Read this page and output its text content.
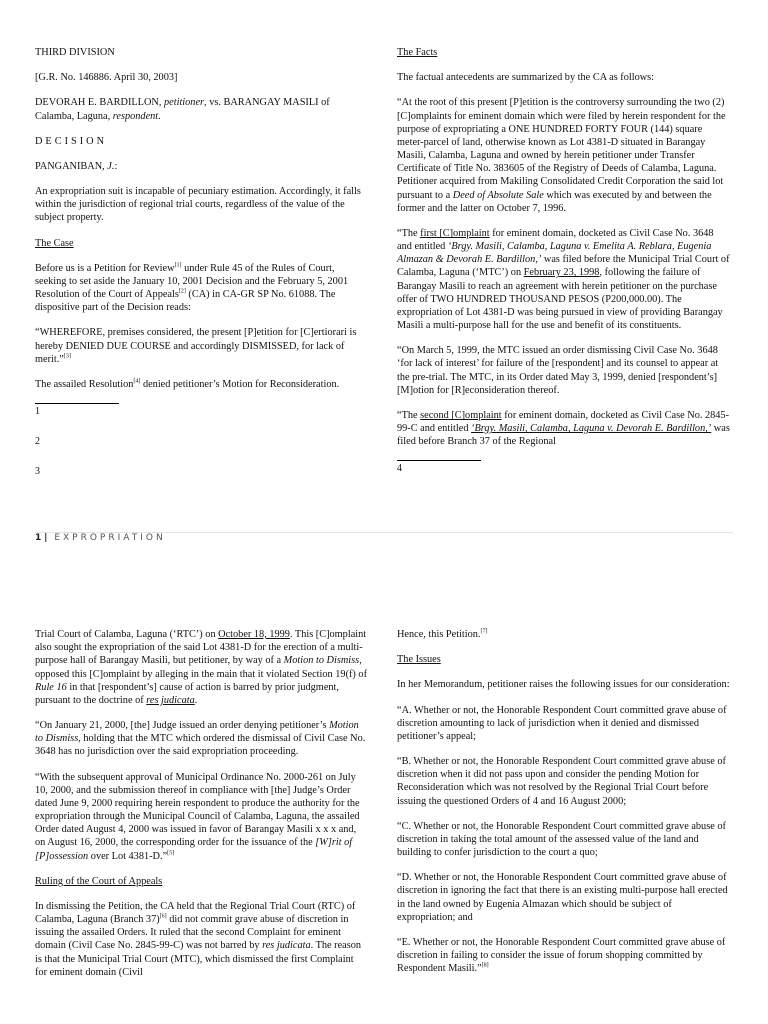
THIRD DIVISION

[G.R. No. 146886. April 30, 2003]

DEVORAH E. BARDILLON, petitioner, vs. BARANGAY MASILI of Calamba, Laguna, respondent.

DECISION

PANGANIBAN, J.:

An expropriation suit is incapable of pecuniary estimation. Accordingly, it falls within the jurisdiction of regional trial courts, regardless of the value of the subject property.

The Case

Before us is a Petition for Review[1] under Rule 45 of the Rules of Court, seeking to set aside the January 10, 2001 Decision and the February 5, 2001 Resolution of the Court of Appeals[2] (CA) in CA-GR SP No. 61088. The dispositive part of the Decision reads:

“WHEREFORE, premises considered, the present [P]etition for [C]ertiorari is hereby DENIED DUE COURSE and accordingly DISMISSED, for lack of merit.”[3]

The assailed Resolution[4] denied petitioner’s Motion for Reconsideration.

1

2

3

The Facts

The factual antecedents are summarized by the CA as follows:

“At the root of this present [P]etition is the controversy surrounding the two (2) [C]omplaints for eminent domain which were filed by herein respondent for the purpose of expropriating a ONE HUNDRED FORTY FOUR (144) square meter-parcel of land, otherwise known as Lot 4381-D situated in Barangay Masili, Calamba, Laguna and owned by herein petitioner under Transfer Certificate of Title No. 383605 of the Registry of Deeds of Calamba, Laguna. Petitioner acquired from Makiling Consolidated Credit Corporation the said lot pursuant to a Deed of Absolute Sale which was executed by and between the former and the latter on October 7, 1996.

“The first [C]omplaint for eminent domain, docketed as Civil Case No. 3648 and entitled ‘Brgy. Masili, Calamba, Laguna v. Emelita A. Reblara, Eugenia Almazan & Devorah E. Bardillon,’ was filed before the Municipal Trial Court of Calamba, Laguna (‘MTC’) on February 23, 1998, following the failure of Barangay Masili to reach an agreement with herein petitioner on the purchase offer of TWO HUNDRED THOUSAND PESOS (P200,000.00). The expropriation of Lot 4381-D was being pursued in view of providing Barangay Masili a multi-purpose hall for the use and benefit of its constituents.

“On March 5, 1999, the MTC issued an order dismissing Civil Case No. 3648 ‘for lack of interest’ for failure of the [respondent] and its counsel to appear at the pre-trial. The MTC, in its Order dated May 3, 1999, denied [respondent’s] [M]otion for [R]econsideration thereof.

“The second [C]omplaint for eminent domain, docketed as Civil Case No. 2845-99-C and entitled ‘Brgy. Masili, Calamba, Laguna v. Devorah E. Bardillon,’ was filed before Branch 37 of the Regional

4

1 | EXPROPRIATION

Trial Court of Calamba, Laguna (‘RTC’) on October 18, 1999. This [C]omplaint also sought the expropriation of the said Lot 4381-D for the erection of a multi-purpose hall of Barangay Masili, but petitioner, by way of a Motion to Dismiss, opposed this [C]omplaint by alleging in the main that it violated Section 19(f) of Rule 16 in that [respondent’s] cause of action is barred by prior judgment, pursuant to the doctrine of res judicata.

“On January 21, 2000, [the] Judge issued an order denying petitioner’s Motion to Dismiss, holding that the MTC which ordered the dismissal of Civil Case No. 3648 has no jurisdiction over the said expropriation proceeding.

“With the subsequent approval of Municipal Ordinance No. 2000-261 on July 10, 2000, and the submission thereof in compliance with [the] Judge’s Order dated June 9, 2000 requiring herein respondent to produce the authority for the expropriation through the Municipal Council of Calamba, Laguna, the assailed Order dated August 4, 2000 was issued in favor of Barangay Masili x x x and, on August 16, 2000, the corresponding order for the issuance of the [W]rit of [P]ossession over Lot 4381-D.”[5]

Ruling of the Court of Appeals

In dismissing the Petition, the CA held that the Regional Trial Court (RTC) of Calamba, Laguna (Branch 37)[6] did not commit grave abuse of discretion in issuing the assailed Orders. It ruled that the second Complaint for eminent domain (Civil Case No. 2845-99-C) was not barred by res judicata. The reason is that the Municipal Trial Court (MTC), which dismissed the first Complaint for eminent domain (Civil

Hence, this Petition.[7]

The Issues

In her Memorandum, petitioner raises the following issues for our consideration:

“A. Whether or not, the Honorable Respondent Court committed grave abuse of discretion amounting to lack of jurisdiction when it denied and dismissed petitioner’s appeal;

“B. Whether or not, the Honorable Respondent Court committed grave abuse of discretion when it did not pass upon and consider the pending Motion for Reconsideration which was not resolved by the Regional Trial Court before issuing the questioned Orders of 4 and 16 August 2000;

“C. Whether or not, the Honorable Respondent Court committed grave abuse of discretion in taking the total amount of the assessed value of the land and building to confer jurisdiction to the court a quo;

“D. Whether or not, the Honorable Respondent Court committed grave abuse of discretion in ignoring the fact that there is an existing multi-purpose hall erected in the land owned by Eugenia Almazan which should be subject of expropriation; and

“E. Whether or not, the Honorable Respondent Court committed grave abuse of discretion in failing to consider the issue of forum shopping committed by Respondent Masili.”[8]
